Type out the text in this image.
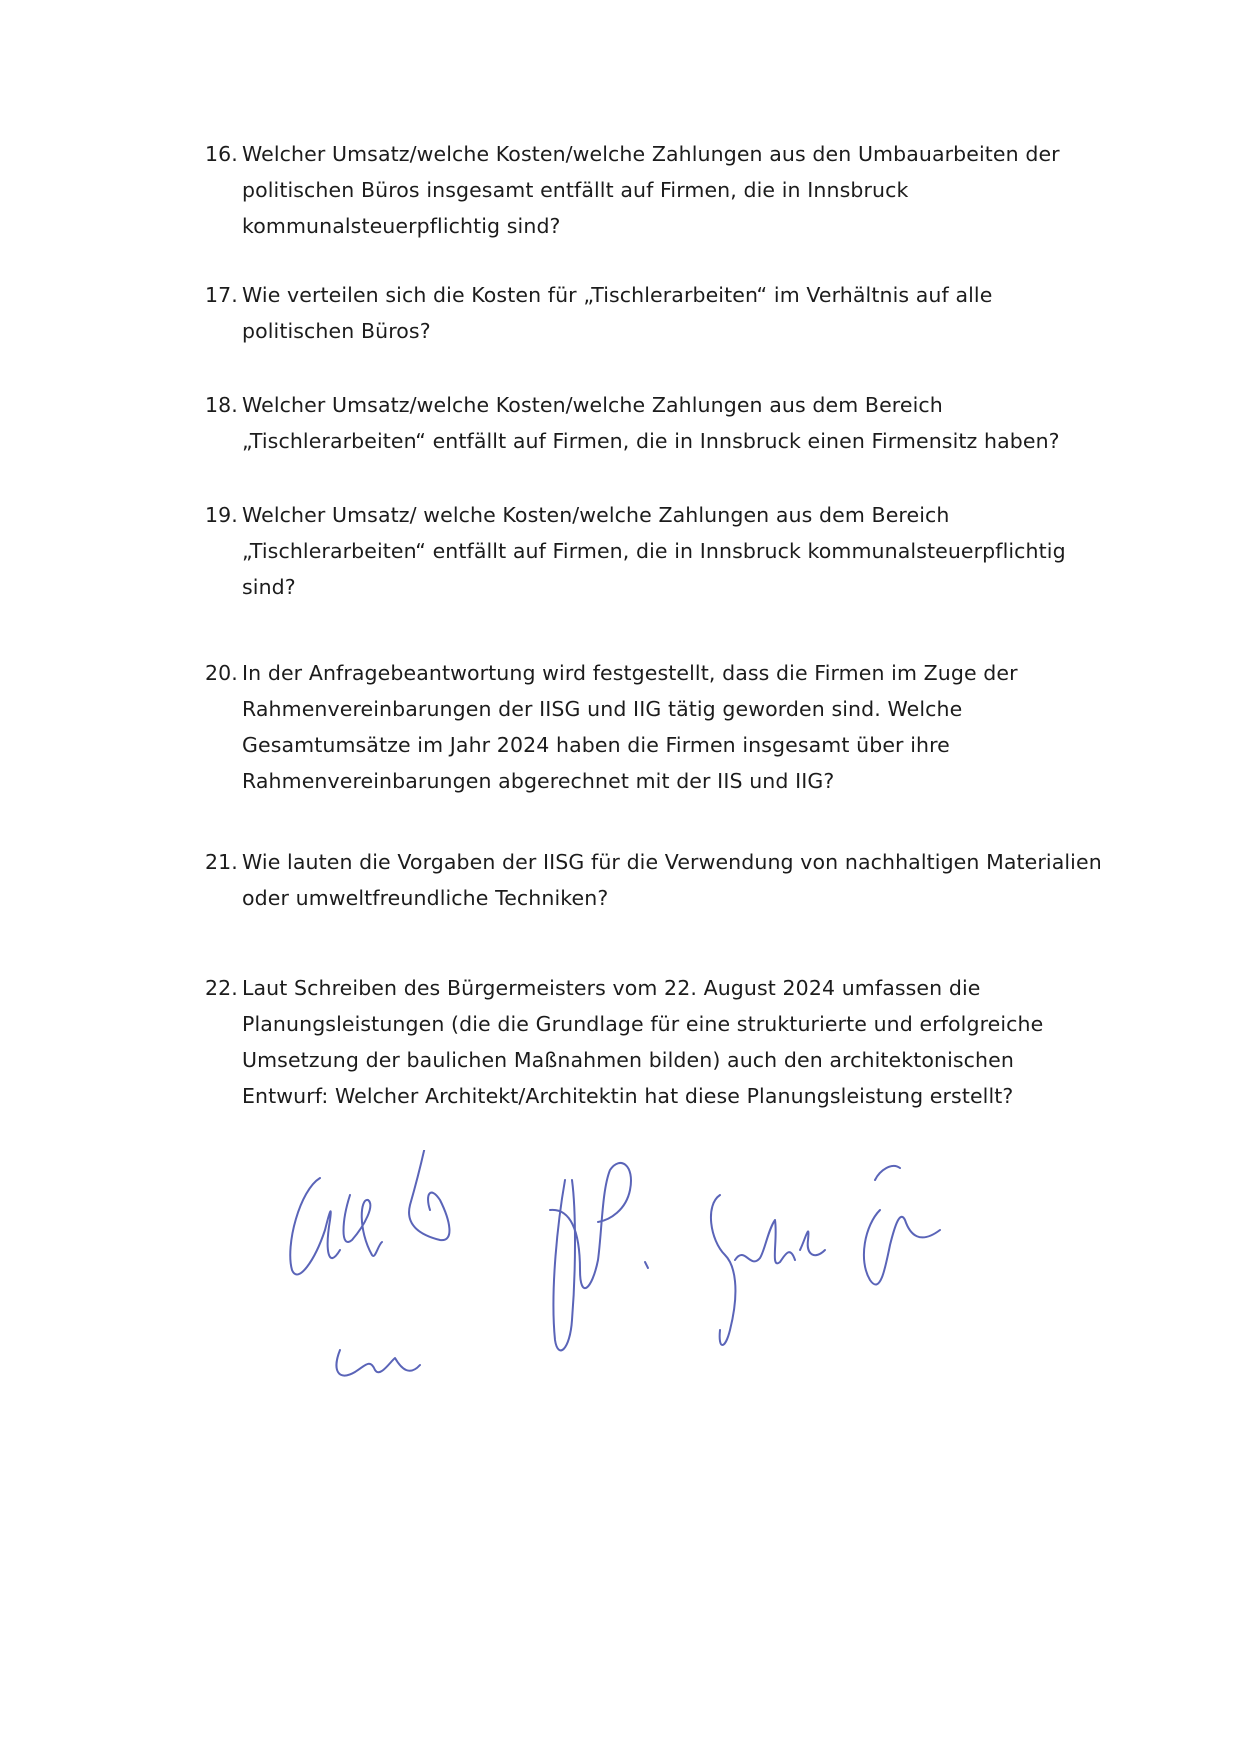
16. Welcher Umsatz/welche Kosten/welche Zahlungen aus den Umbauarbeiten der politischen Büros insgesamt entfällt auf Firmen, die in Innsbruck kommunalsteuerpflichtig sind?
17. Wie verteilen sich die Kosten für „Tischlerarbeiten“ im Verhältnis auf alle politischen Büros?
18. Welcher Umsatz/welche Kosten/welche Zahlungen aus dem Bereich „Tischlerarbeiten“ entfällt auf Firmen, die in Innsbruck einen Firmensitz haben?
19. Welcher Umsatz/ welche Kosten/welche Zahlungen aus dem Bereich „Tischlerarbeiten“ entfällt auf Firmen, die in Innsbruck kommunalsteuerpflichtig sind?
20. In der Anfragebeantwortung wird festgestellt, dass die Firmen im Zuge der Rahmenvereinbarungen der IISG und IIG tätig geworden sind. Welche Gesamtumsätze im Jahr 2024 haben die Firmen insgesamt über ihre Rahmenvereinbarungen abgerechnet mit der IIS und IIG?
21. Wie lauten die Vorgaben der IISG für die Verwendung von nachhaltigen Materialien oder umweltfreundliche Techniken?
22. Laut Schreiben des Bürgermeisters vom 22. August 2024 umfassen die Planungsleistungen (die die Grundlage für eine strukturierte und erfolgreiche Umsetzung der baulichen Maßnahmen bilden) auch den architektonischen Entwurf: Welcher Architekt/Architektin hat diese Planungsleistung erstellt?
